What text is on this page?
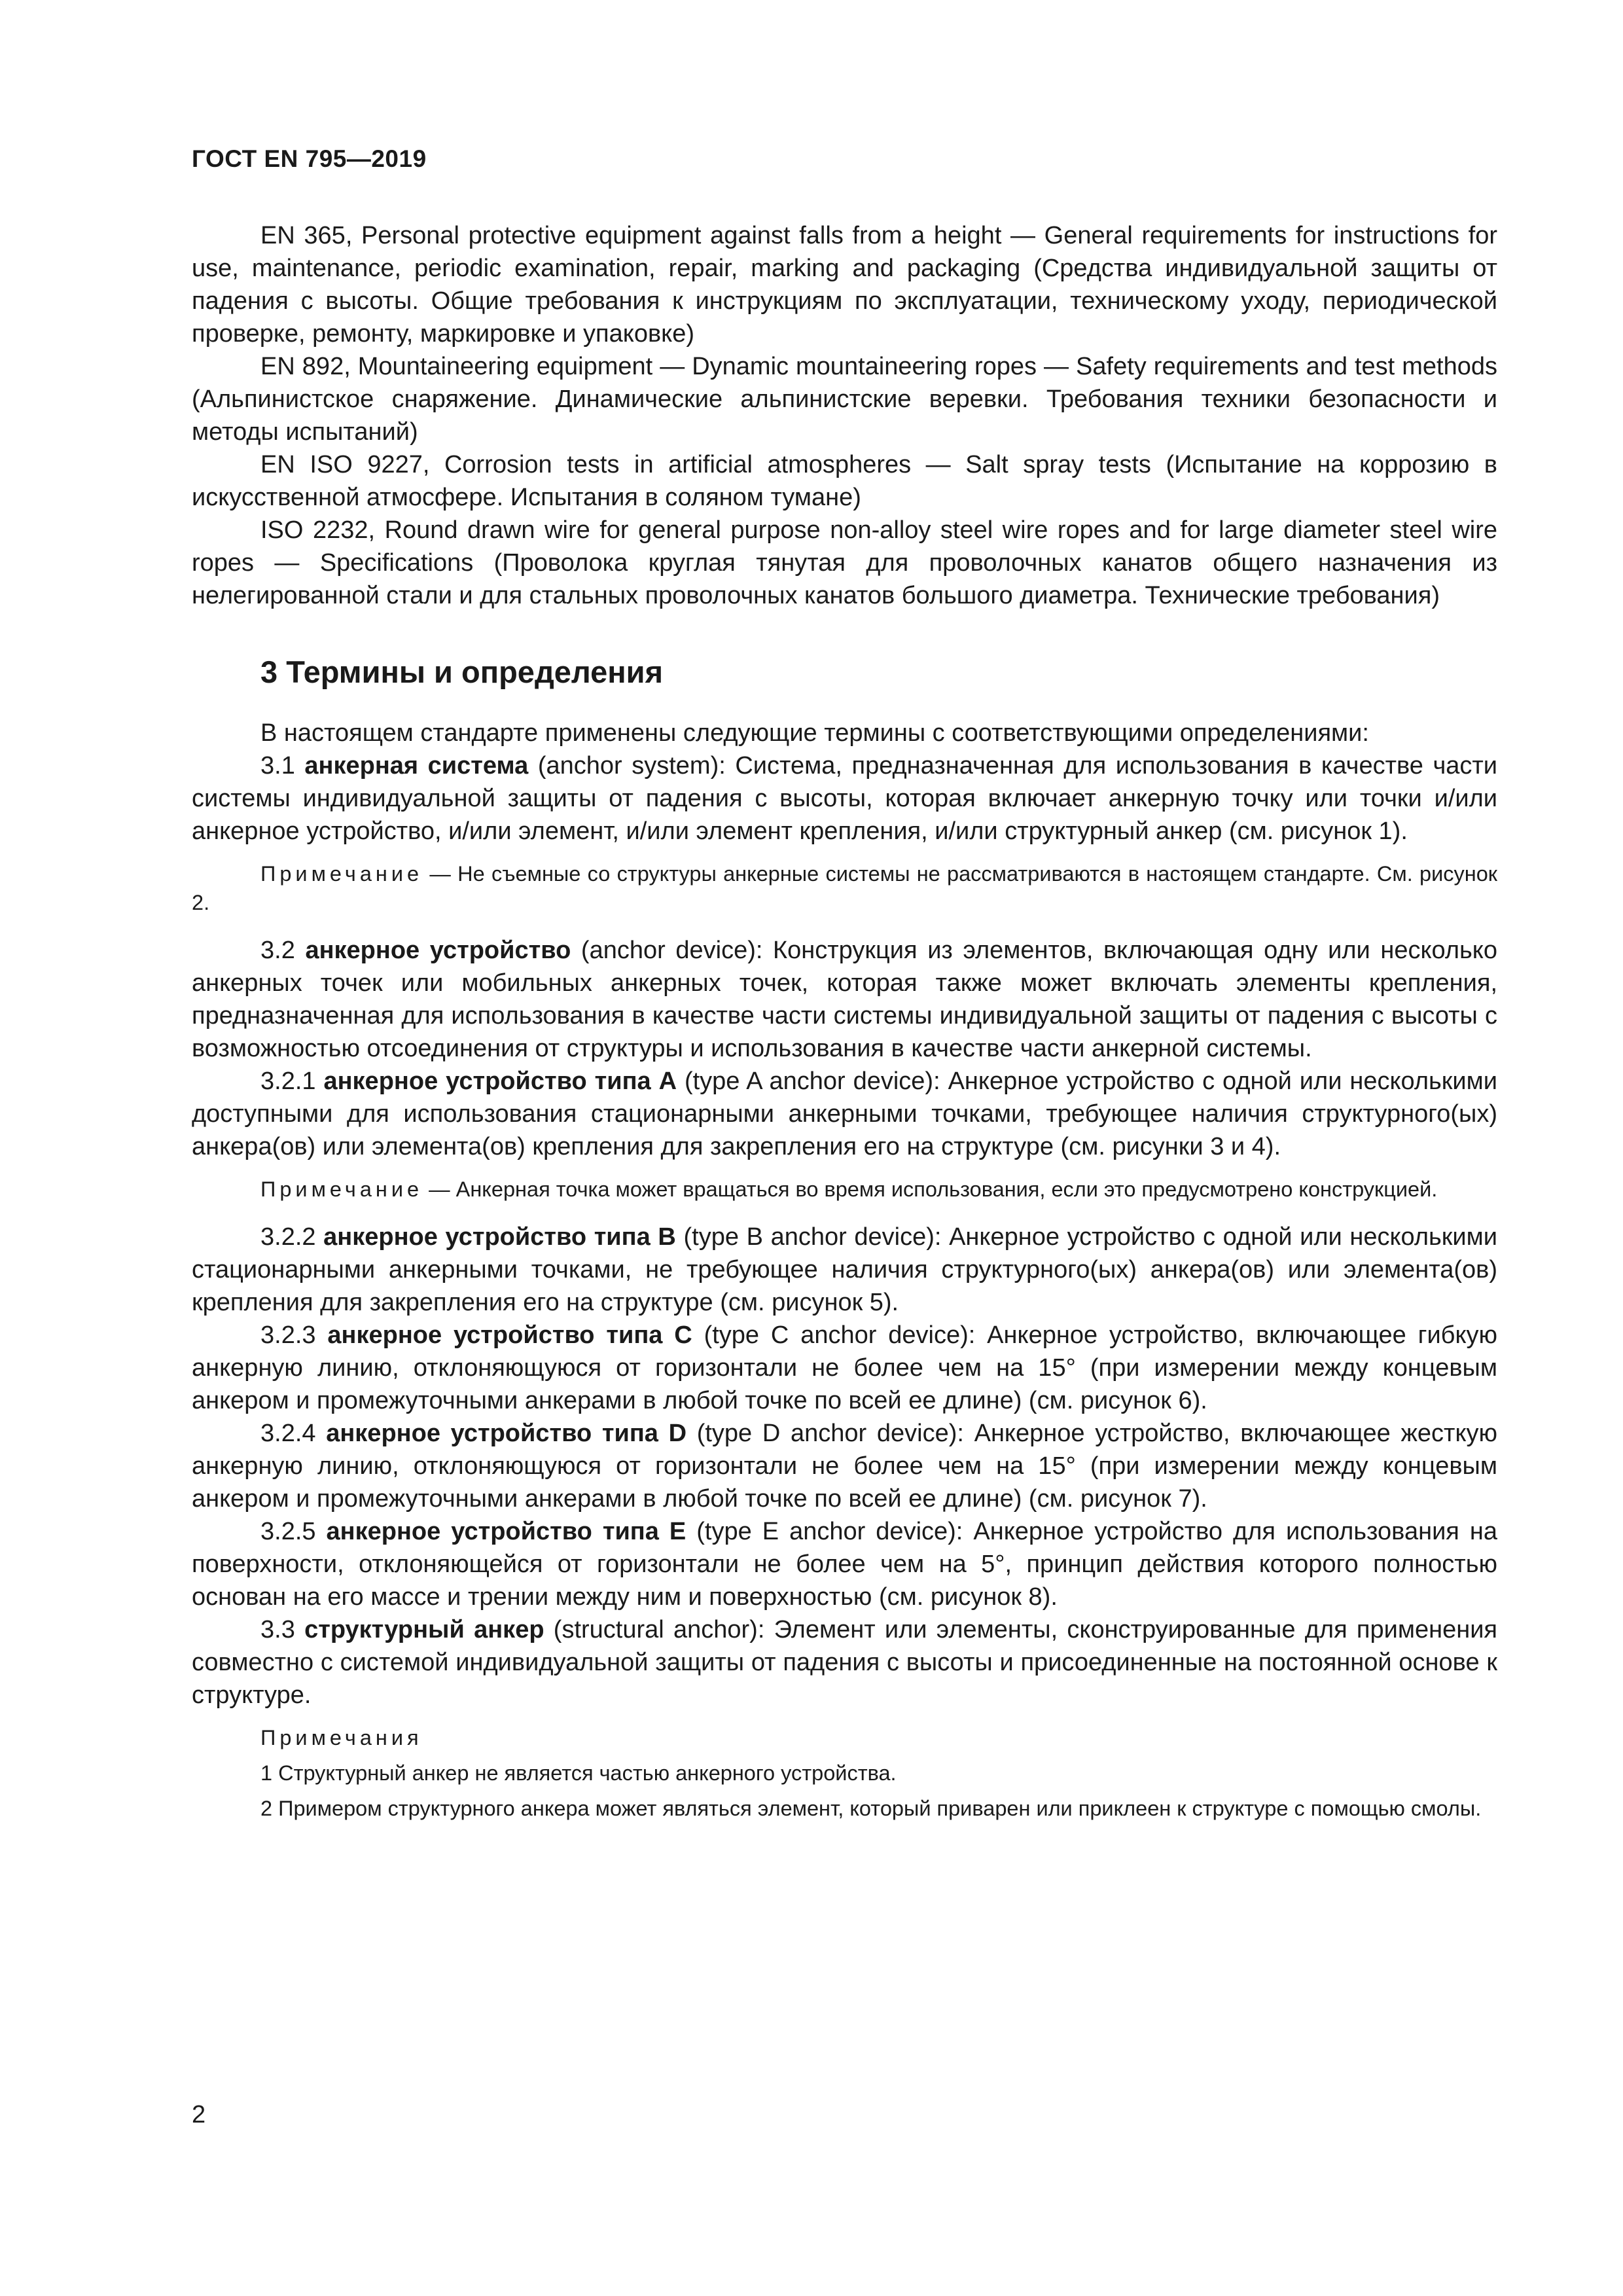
ГОСТ EN 795—2019

EN 365, Personal protective equipment against falls from a height — General requirements for instructions for use, maintenance, periodic examination, repair, marking and packaging (Средства индивидуальной защиты от падения с высоты. Общие требования к инструкциям по эксплуатации, техническому уходу, периодической проверке, ремонту, маркировке и упаковке)

EN 892, Mountaineering equipment — Dynamic mountaineering ropes — Safety requirements and test methods (Альпинистское снаряжение. Динамические альпинистские веревки. Требования техники безопасности и методы испытаний)

EN ISO 9227, Corrosion tests in artificial atmospheres — Salt spray tests (Испытание на коррозию в искусственной атмосфере. Испытания в соляном тумане)

ISO 2232, Round drawn wire for general purpose non-alloy steel wire ropes and for large diameter steel wire ropes — Specifications (Проволока круглая тянутая для проволочных канатов общего назначения из нелегированной стали и для стальных проволочных канатов большого диаметра. Технические требования)

3 Термины и определения

В настоящем стандарте применены следующие термины с соответствующими определениями:

3.1 анкерная система (anchor system): Система, предназначенная для использования в качестве части системы индивидуальной защиты от падения с высоты, которая включает анкерную точку или точки и/или анкерное устройство, и/или элемент, и/или элемент крепления, и/или структурный анкер (см. рисунок 1).

Примечание — Не съемные со структуры анкерные системы не рассматриваются в настоящем стандарте. См. рисунок 2.

3.2 анкерное устройство (anchor device): Конструкция из элементов, включающая одну или несколько анкерных точек или мобильных анкерных точек, которая также может включать элементы крепления, предназначенная для использования в качестве части системы индивидуальной защиты от падения с высоты с возможностью отсоединения от структуры и использования в качестве части анкерной системы.

3.2.1 анкерное устройство типа А (type A anchor device): Анкерное устройство с одной или несколькими доступными для использования стационарными анкерными точками, требующее наличия структурного(ых) анкера(ов) или элемента(ов) крепления для закрепления его на структуре (см. рисунки 3 и 4).

Примечание — Анкерная точка может вращаться во время использования, если это предусмотрено конструкцией.

3.2.2 анкерное устройство типа В (type B anchor device): Анкерное устройство с одной или несколькими стационарными анкерными точками, не требующее наличия структурного(ых) анкера(ов) или элемента(ов) крепления для закрепления его на структуре (см. рисунок 5).

3.2.3 анкерное устройство типа С (type C anchor device): Анкерное устройство, включающее гибкую анкерную линию, отклоняющуюся от горизонтали не более чем на 15° (при измерении между концевым анкером и промежуточными анкерами в любой точке по всей ее длине) (см. рисунок 6).

3.2.4 анкерное устройство типа D (type D anchor device): Анкерное устройство, включающее жесткую анкерную линию, отклоняющуюся от горизонтали не более чем на 15° (при измерении между концевым анкером и промежуточными анкерами в любой точке по всей ее длине) (см. рисунок 7).

3.2.5 анкерное устройство типа E (type E anchor device): Анкерное устройство для использования на поверхности, отклоняющейся от горизонтали не более чем на 5°, принцип действия которого полностью основан на его массе и трении между ним и поверхностью (см. рисунок 8).

3.3 структурный анкер (structural anchor): Элемент или элементы, сконструированные для применения совместно с системой индивидуальной защиты от падения с высоты и присоединенные на постоянной основе к структуре.

Примечания

1 Структурный анкер не является частью анкерного устройства.

2 Примером структурного анкера может являться элемент, который приварен или приклеен к структуре с помощью смолы.

2
